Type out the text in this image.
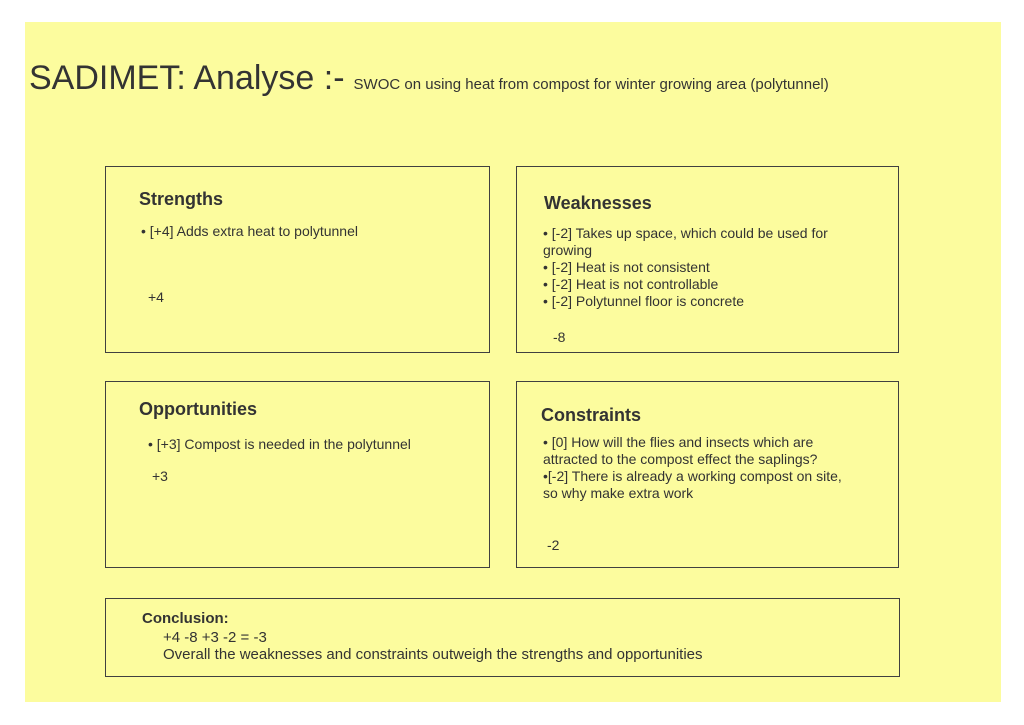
SADIMET: Analyse :- SWOC on using heat from compost for winter growing area (polytunnel)
Strengths
• [+4] Adds extra heat to polytunnel
+4
Weaknesses
• [-2] Takes up space, which could be used for growing
• [-2] Heat is not consistent
• [-2] Heat is not controllable
• [-2] Polytunnel floor is concrete
-8
Opportunities
• [+3] Compost is needed in the polytunnel
+3
Constraints
• [0] How will the flies and insects which are attracted to the compost effect the saplings?
•[-2] There is already a working compost on site, so why make extra work
-2
Conclusion:
+4 -8 +3 -2 = -3
Overall the weaknesses and constraints outweigh the strengths and opportunities
